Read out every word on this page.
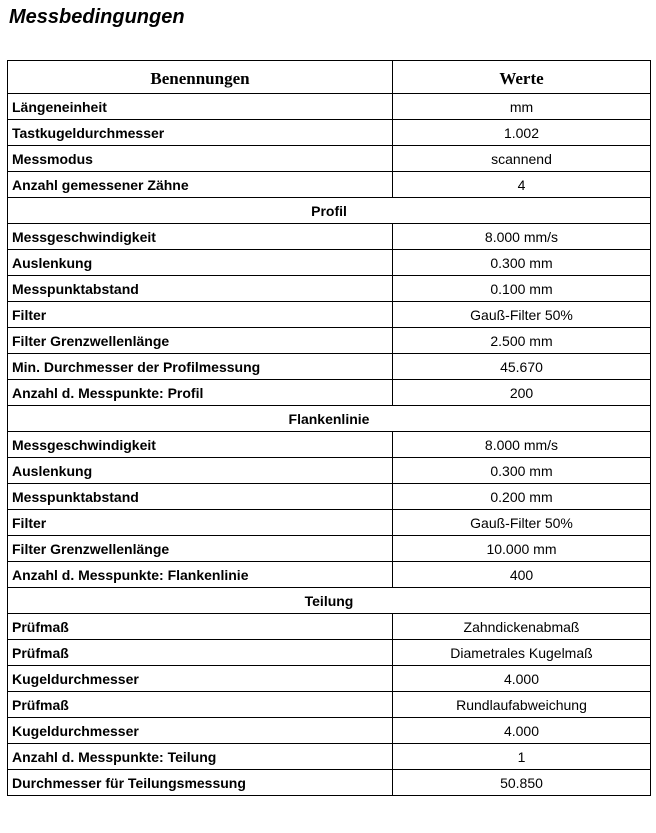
Messbedingungen
Benennungen	Werte
Längeneinheit	mm
Tastkugeldurchmesser	1.002
Messmodus	scannend
Anzahl gemessener Zähne	4
Profil	
Messgeschwindigkeit	8.000 mm/s
Auslenkung	0.300 mm
Messpunktabstand	0.100 mm
Filter	Gauß-Filter 50%
Filter Grenzwellenlänge	2.500 mm
Min. Durchmesser der Profilmessung	45.670
Anzahl d. Messpunkte: Profil	200
Flankenlinie	
Messgeschwindigkeit	8.000 mm/s
Auslenkung	0.300 mm
Messpunktabstand	0.200 mm
Filter	Gauß-Filter 50%
Filter Grenzwellenlänge	10.000 mm
Anzahl d. Messpunkte: Flankenlinie	400
Teilung	
Prüfmaß	Zahndickenabmaß
Prüfmaß	Diametrales Kugelmaß
Kugeldurchmesser	4.000
Prüfmaß	Rundlaufabweichung
Kugeldurchmesser	4.000
Anzahl d. Messpunkte: Teilung	1
Durchmesser für Teilungsmessung	50.850
